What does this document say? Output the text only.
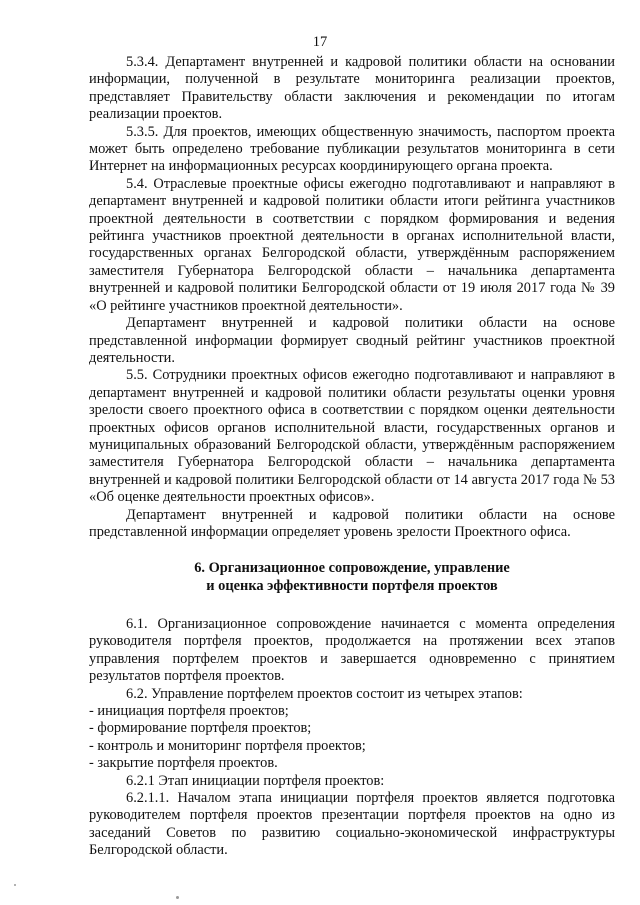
17

5.3.4. Департамент внутренней и кадровой политики области на основании информации, полученной в результате мониторинга реализации проектов, представляет Правительству области заключения и рекомендации по итогам реализации проектов.

5.3.5. Для проектов, имеющих общественную значимость, паспортом проекта может быть определено требование публикации результатов мониторинга в сети Интернет на информационных ресурсах координирующего органа проекта.

5.4. Отраслевые проектные офисы ежегодно подготавливают и направляют в департамент внутренней и кадровой политики области итоги рейтинга участников проектной деятельности в соответствии с порядком формирования и ведения рейтинга участников проектной деятельности в органах исполнительной власти, государственных органах Белгородской области, утверждённым распоряжением заместителя Губернатора Белгородской области – начальника департамента внутренней и кадровой политики Белгородской области от 19 июля 2017 года № 39 «О рейтинге участников проектной деятельности».

Департамент внутренней и кадровой политики области на основе представленной информации формирует сводный рейтинг участников проектной деятельности.

5.5. Сотрудники проектных офисов ежегодно подготавливают и направляют в департамент внутренней и кадровой политики области результаты оценки уровня зрелости своего проектного офиса в соответствии с порядком оценки деятельности проектных офисов органов исполнительной власти, государственных органов и муниципальных образований Белгородской области, утверждённым распоряжением заместителя Губернатора Белгородской области – начальника департамента внутренней и кадровой политики Белгородской области от 14 августа 2017 года № 53 «Об оценке деятельности проектных офисов».

Департамент внутренней и кадровой политики области на основе представленной информации определяет уровень зрелости Проектного офиса.

6. Организационное сопровождение, управление
и оценка эффективности портфеля проектов

6.1. Организационное сопровождение начинается с момента определения руководителя портфеля проектов, продолжается на протяжении всех этапов управления портфелем проектов и завершается одновременно с принятием результатов портфеля проектов.

6.2. Управление портфелем проектов состоит из четырех этапов:

- инициация портфеля проектов;

- формирование портфеля проектов;

- контроль и мониторинг портфеля проектов;

- закрытие портфеля проектов.

6.2.1 Этап инициации портфеля проектов:

6.2.1.1. Началом этапа инициации портфеля проектов является подготовка руководителем портфеля проектов презентации портфеля проектов на одно из заседаний Советов по развитию социально-экономической инфраструктуры Белгородской области.
